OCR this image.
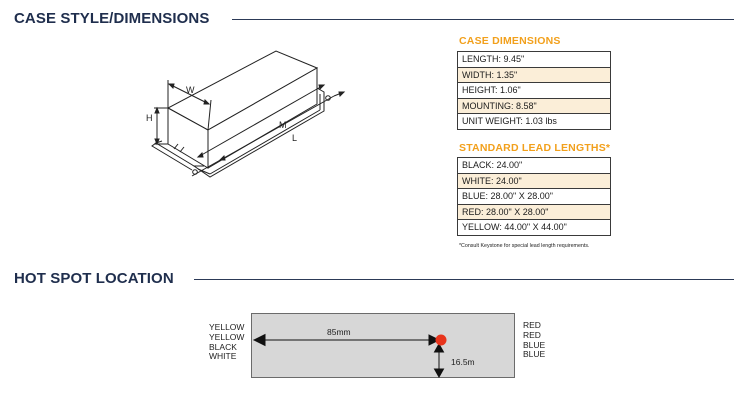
CASE STYLE/DIMENSIONS
HOT SPOT LOCATION
W
H
M
L
CASE DIMENSIONS
LENGTH: 9.45"
WIDTH: 1.35"
HEIGHT: 1.06"
MOUNTING: 8.58"
UNIT WEIGHT: 1.03 lbs
STANDARD LEAD LENGTHS*
BLACK: 24.00"
WHITE: 24.00"
BLUE: 28.00" X 28.00"
RED: 28.00" X 28.00"
YELLOW: 44.00" X 44.00"
*Consult Keystone for special lead length requirements.
YELLOW
YELLOW
BLACK
WHITE
RED
RED
BLUE
BLUE
85mm
16.5m
